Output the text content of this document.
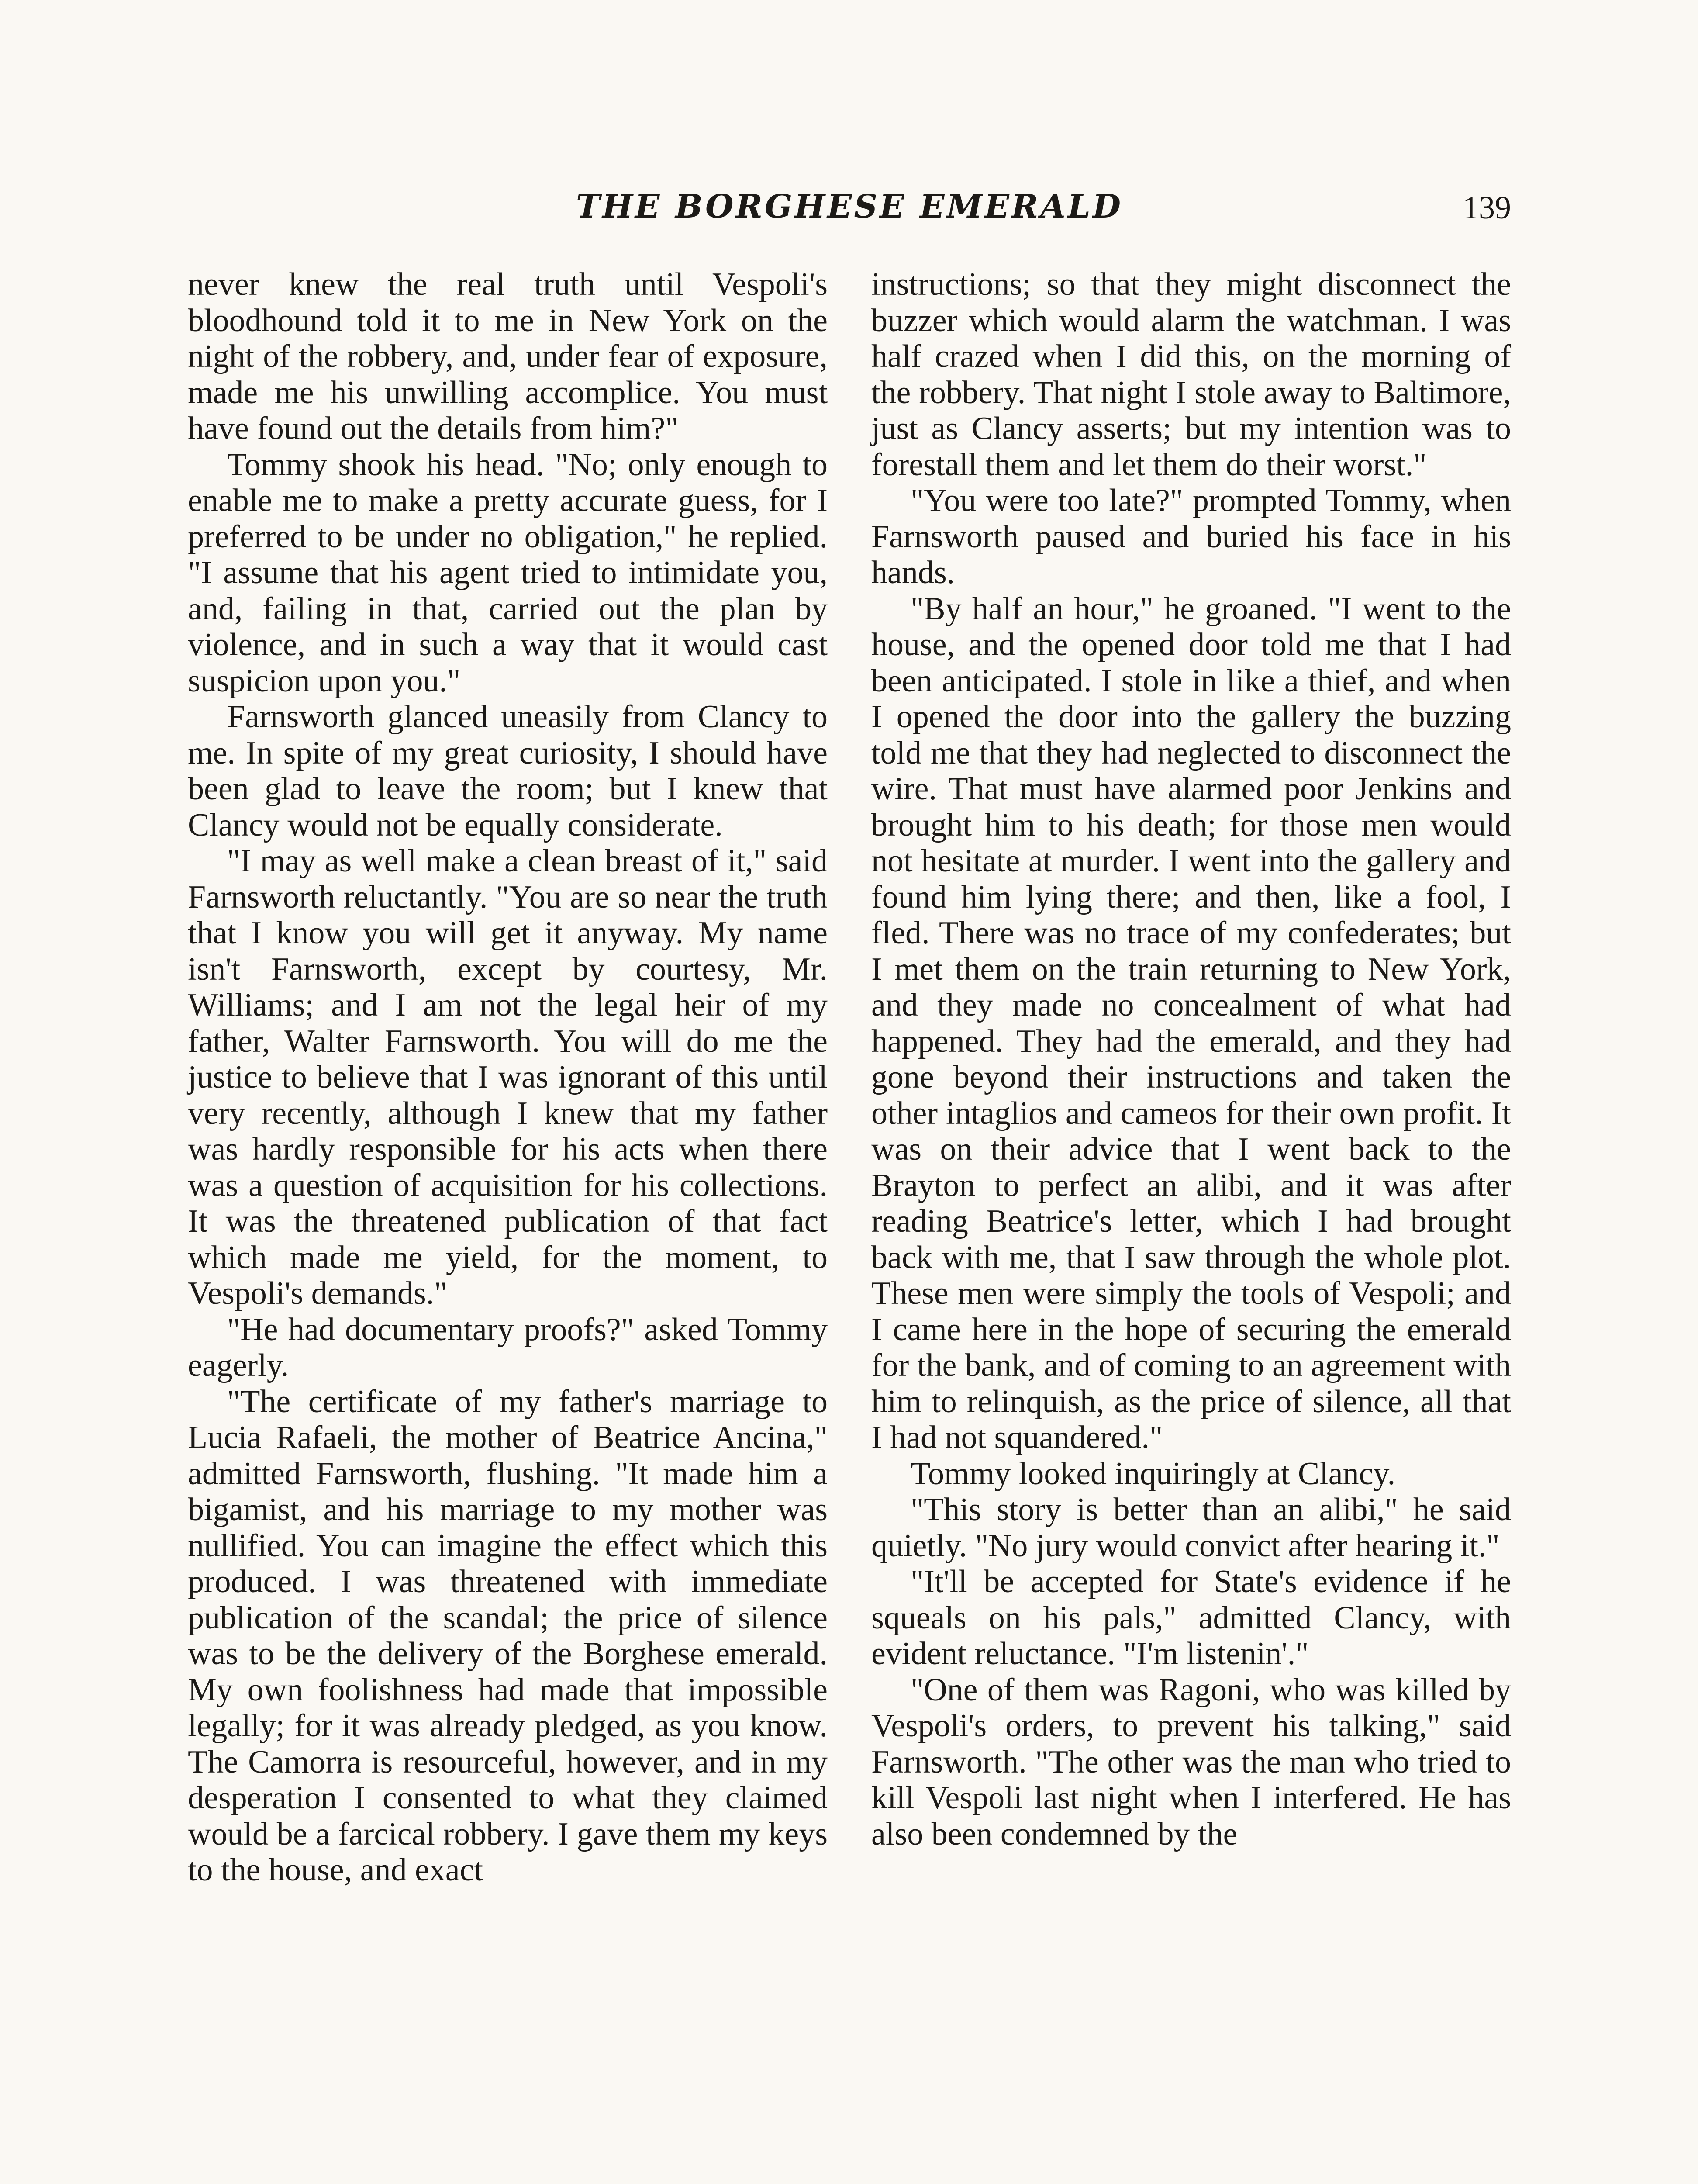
THE BORGHESE EMERALD	139

never knew the real truth until Vespoli's bloodhound told it to me in New York on the night of the robbery, and, under fear of exposure, made me his unwilling accomplice. You must have found out the details from him?"

Tommy shook his head. "No; only enough to enable me to make a pretty accurate guess, for I preferred to be under no obligation," he replied. "I assume that his agent tried to intimidate you, and, failing in that, carried out the plan by violence, and in such a way that it would cast suspicion upon you."

Farnsworth glanced uneasily from Clancy to me. In spite of my great curiosity, I should have been glad to leave the room; but I knew that Clancy would not be equally considerate.

"I may as well make a clean breast of it," said Farnsworth reluctantly. "You are so near the truth that I know you will get it anyway. My name isn't Farnsworth, except by courtesy, Mr. Williams; and I am not the legal heir of my father, Walter Farnsworth. You will do me the justice to believe that I was ignorant of this until very recently, although I knew that my father was hardly responsible for his acts when there was a question of acquisition for his collections. It was the threatened publication of that fact which made me yield, for the moment, to Vespoli's demands."

"He had documentary proofs?" asked Tommy eagerly.

"The certificate of my father's marriage to Lucia Rafaeli, the mother of Beatrice Ancina," admitted Farnsworth, flushing. "It made him a bigamist, and his marriage to my mother was nullified. You can imagine the effect which this produced. I was threatened with immediate publication of the scandal; the price of silence was to be the delivery of the Borghese emerald. My own foolishness had made that impossible legally; for it was already pledged, as you know. The Camorra is resourceful, however, and in my desperation I consented to what they claimed would be a farcical robbery. I gave them my keys to the house, and exact

instructions; so that they might disconnect the buzzer which would alarm the watchman. I was half crazed when I did this, on the morning of the robbery. That night I stole away to Baltimore, just as Clancy asserts; but my intention was to forestall them and let them do their worst."

"You were too late?" prompted Tommy, when Farnsworth paused and buried his face in his hands.

"By half an hour," he groaned. "I went to the house, and the opened door told me that I had been anticipated. I stole in like a thief, and when I opened the door into the gallery the buzzing told me that they had neglected to disconnect the wire. That must have alarmed poor Jenkins and brought him to his death; for those men would not hesitate at murder. I went into the gallery and found him lying there; and then, like a fool, I fled. There was no trace of my confederates; but I met them on the train returning to New York, and they made no concealment of what had happened. They had the emerald, and they had gone beyond their instructions and taken the other intaglios and cameos for their own profit. It was on their advice that I went back to the Brayton to perfect an alibi, and it was after reading Beatrice's letter, which I had brought back with me, that I saw through the whole plot. These men were simply the tools of Vespoli; and I came here in the hope of securing the emerald for the bank, and of coming to an agreement with him to relinquish, as the price of silence, all that I had not squandered."

Tommy looked inquiringly at Clancy.

"This story is better than an alibi," he said quietly. "No jury would convict after hearing it."

"It'll be accepted for State's evidence if he squeals on his pals," admitted Clancy, with evident reluctance. "I'm listenin'."

"One of them was Ragoni, who was killed by Vespoli's orders, to prevent his talking," said Farnsworth. "The other was the man who tried to kill Vespoli last night when I interfered. He has also been condemned by the
